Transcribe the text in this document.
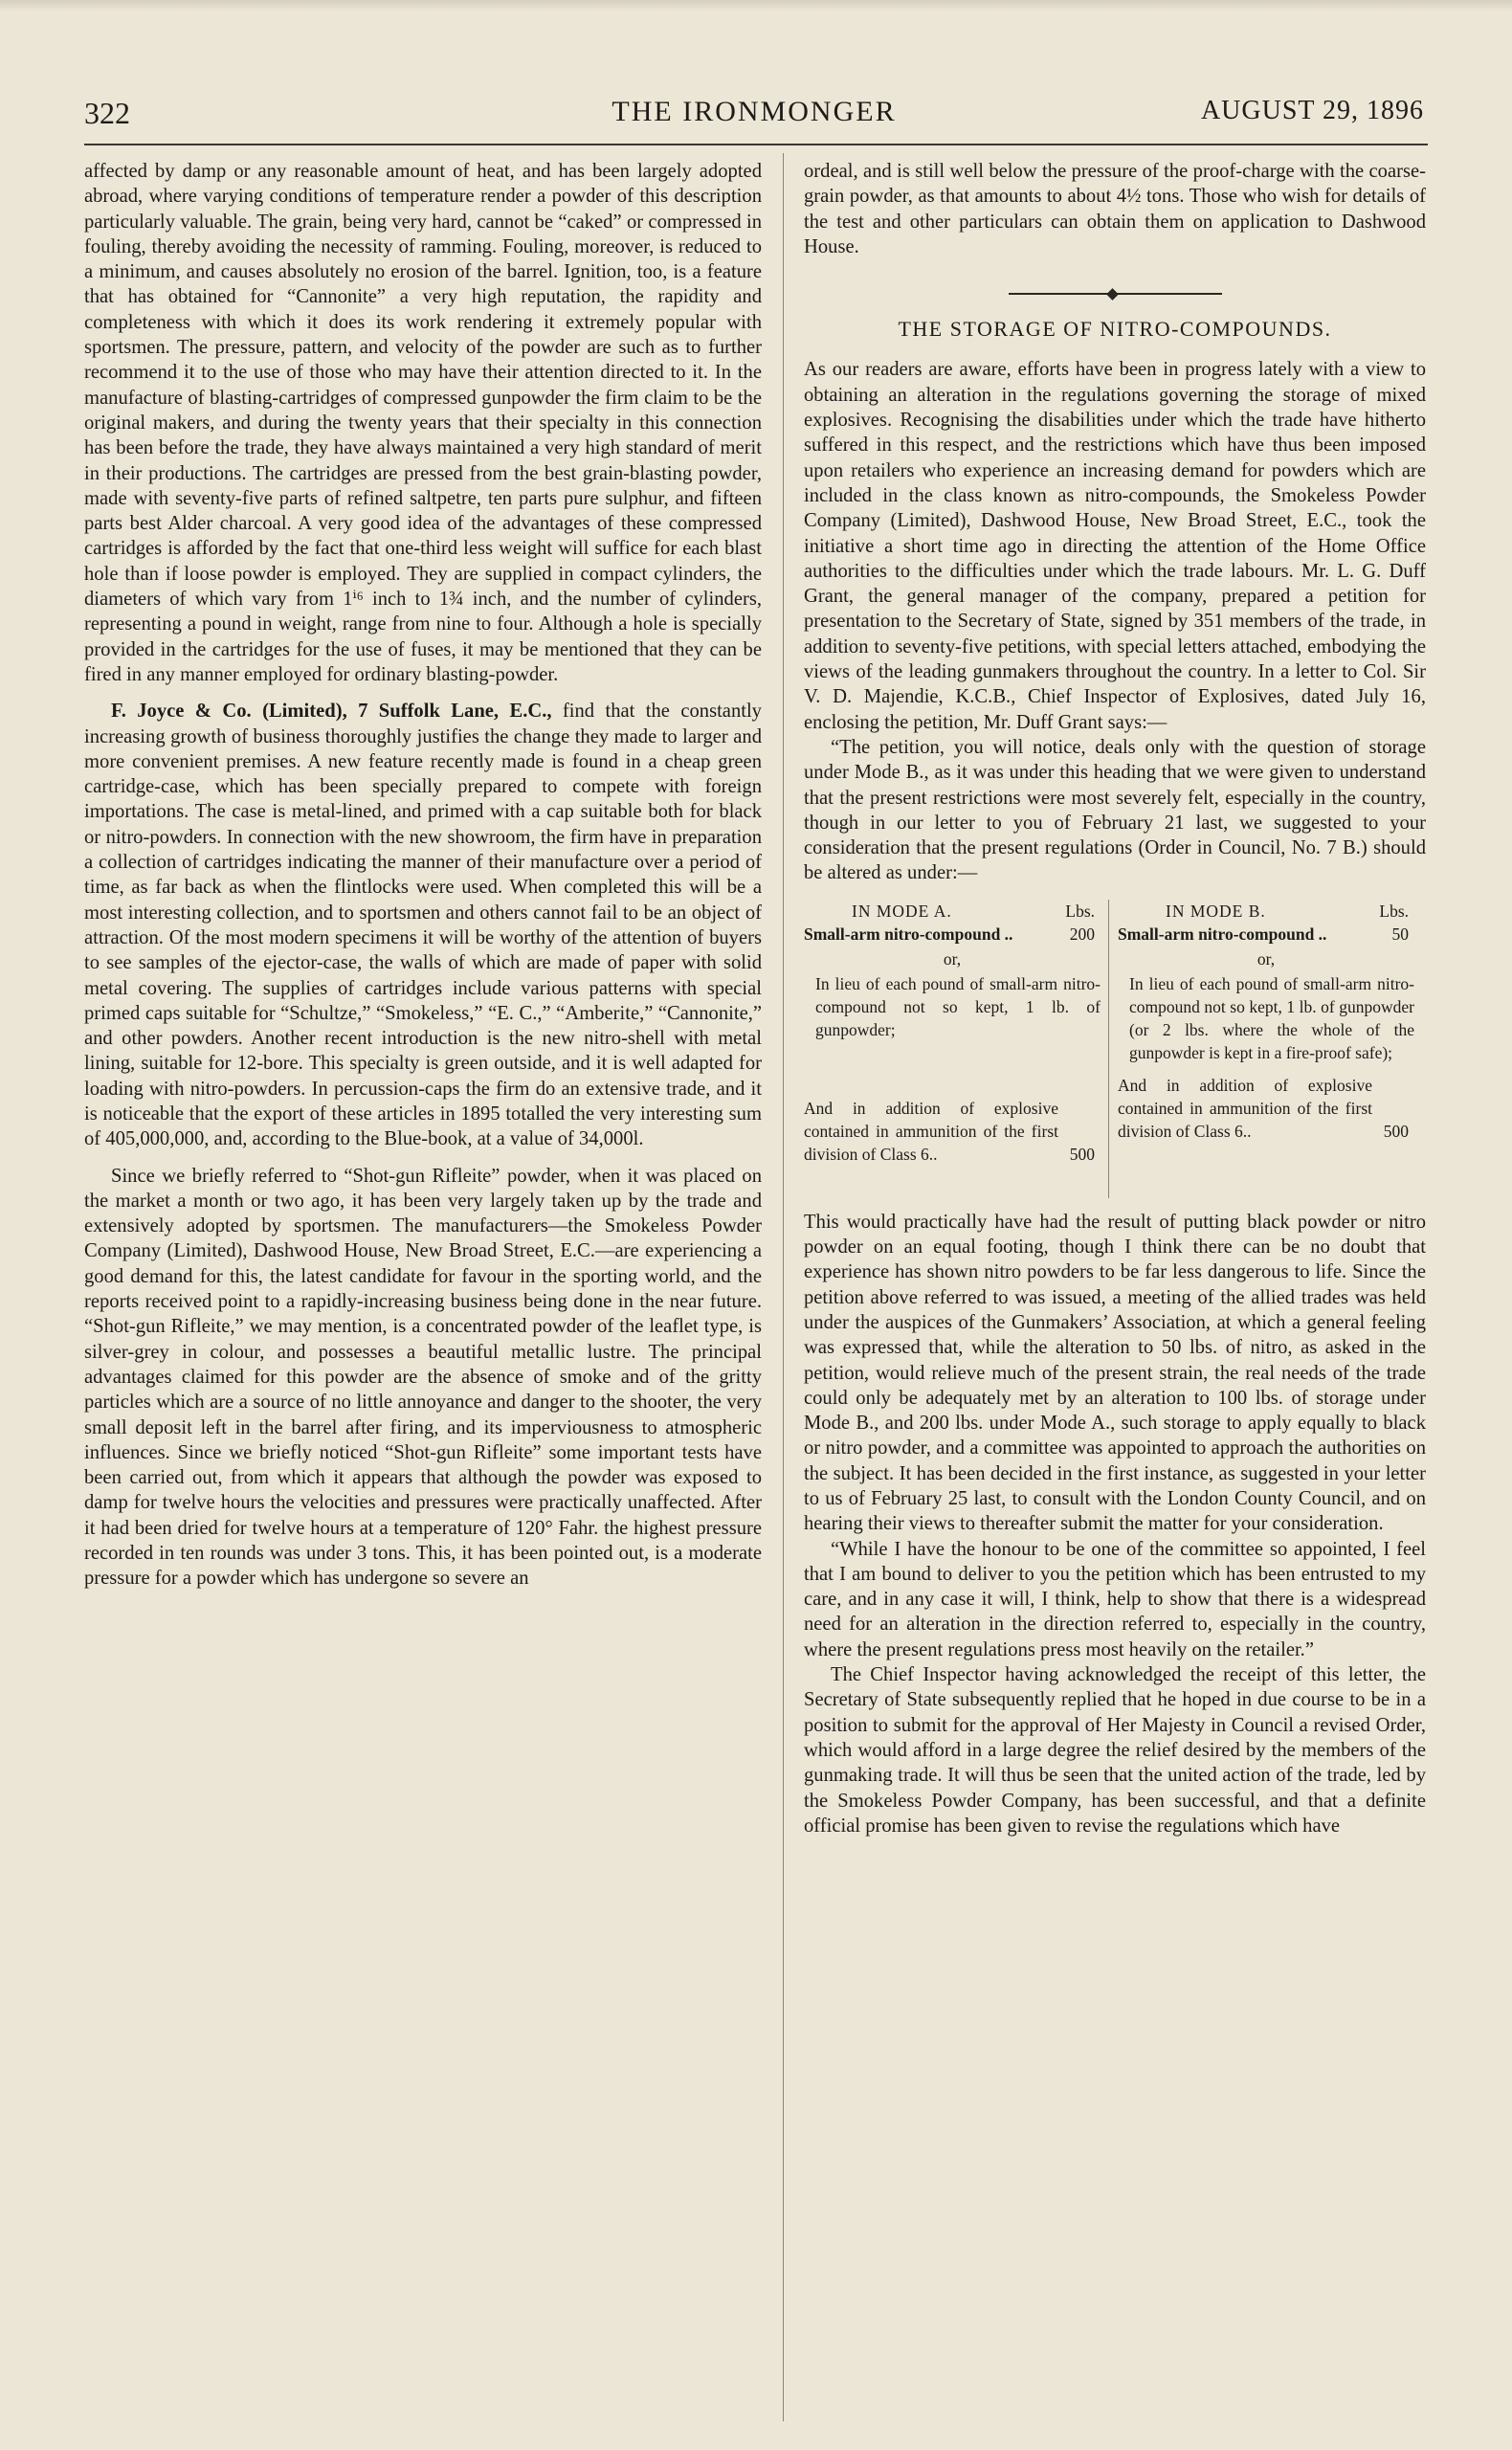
322	THE IRONMONGER	AUGUST 29, 1896

affected by damp or any reasonable amount of heat, and has been largely adopted abroad, where varying conditions of temperature render a powder of this description particularly valuable. The grain, being very hard, cannot be “caked” or compressed in fouling, thereby avoiding the necessity of ramming. Fouling, moreover, is reduced to a minimum, and causes absolutely no erosion of the barrel. Ignition, too, is a feature that has obtained for “Cannonite” a very high reputation, the rapidity and completeness with which it does its work rendering it extremely popular with sportsmen. The pressure, pattern, and velocity of the powder are such as to further recommend it to the use of those who may have their attention directed to it. In the manufacture of blasting-cartridges of compressed gunpowder the firm claim to be the original makers, and during the twenty years that their specialty in this connection has been before the trade, they have always maintained a very high standard of merit in their productions. The cartridges are pressed from the best grain-blasting powder, made with seventy-five parts of refined saltpetre, ten parts pure sulphur, and fifteen parts best Alder charcoal. A very good idea of the advantages of these compressed cartridges is afforded by the fact that one-third less weight will suffice for each blast hole than if loose powder is employed. They are supplied in compact cylinders, the diameters of which vary from 1ⁱ⁶ inch to 1¾ inch, and the number of cylinders, representing a pound in weight, range from nine to four. Although a hole is specially provided in the cartridges for the use of fuses, it may be mentioned that they can be fired in any manner employed for ordinary blasting-powder.

F. Joyce & Co. (Limited), 7 Suffolk Lane, E.C., find that the constantly increasing growth of business thoroughly justifies the change they made to larger and more convenient premises. A new feature recently made is found in a cheap green cartridge-case, which has been specially prepared to compete with foreign importations. The case is metal-lined, and primed with a cap suitable both for black or nitro-powders. In connection with the new showroom, the firm have in preparation a collection of cartridges indicating the manner of their manufacture over a period of time, as far back as when the flintlocks were used. When completed this will be a most interesting collection, and to sportsmen and others cannot fail to be an object of attraction. Of the most modern specimens it will be worthy of the attention of buyers to see samples of the ejector-case, the walls of which are made of paper with solid metal covering. The supplies of cartridges include various patterns with special primed caps suitable for “Schultze,” “Smokeless,” “E. C.,” “Amberite,” “Cannonite,” and other powders. Another recent introduction is the new nitro-shell with metal lining, suitable for 12-bore. This specialty is green outside, and it is well adapted for loading with nitro-powders. In percussion-caps the firm do an extensive trade, and it is noticeable that the export of these articles in 1895 totalled the very interesting sum of 405,000,000, and, according to the Blue-book, at a value of 34,000l.

Since we briefly referred to “Shot-gun Rifleite” powder, when it was placed on the market a month or two ago, it has been very largely taken up by the trade and extensively adopted by sportsmen. The manufacturers—the Smokeless Powder Company (Limited), Dashwood House, New Broad Street, E.C.—are experiencing a good demand for this, the latest candidate for favour in the sporting world, and the reports received point to a rapidly-increasing business being done in the near future. “Shot-gun Rifleite,” we may mention, is a concentrated powder of the leaflet type, is silver-grey in colour, and possesses a beautiful metallic lustre. The principal advantages claimed for this powder are the absence of smoke and of the gritty particles which are a source of no little annoyance and danger to the shooter, the very small deposit left in the barrel after firing, and its imperviousness to atmospheric influences. Since we briefly noticed “Shot-gun Rifleite” some important tests have been carried out, from which it appears that although the powder was exposed to damp for twelve hours the velocities and pressures were practically unaffected. After it had been dried for twelve hours at a temperature of 120° Fahr. the highest pressure recorded in ten rounds was under 3 tons. This, it has been pointed out, is a moderate pressure for a powder which has undergone so severe an

ordeal, and is still well below the pressure of the proof-charge with the coarse-grain powder, as that amounts to about 4½ tons. Those who wish for details of the test and other particulars can obtain them on application to Dashwood House.

THE STORAGE OF NITRO-COMPOUNDS.

As our readers are aware, efforts have been in progress lately with a view to obtaining an alteration in the regulations governing the storage of mixed explosives. Recognising the disabilities under which the trade have hitherto suffered in this respect, and the restrictions which have thus been imposed upon retailers who experience an increasing demand for powders which are included in the class known as nitro-compounds, the Smokeless Powder Company (Limited), Dashwood House, New Broad Street, E.C., took the initiative a short time ago in directing the attention of the Home Office authorities to the difficulties under which the trade labours. Mr. L. G. Duff Grant, the general manager of the company, prepared a petition for presentation to the Secretary of State, signed by 351 members of the trade, in addition to seventy-five petitions, with special letters attached, embodying the views of the leading gunmakers throughout the country. In a letter to Col. Sir V. D. Majendie, K.C.B., Chief Inspector of Explosives, dated July 16, enclosing the petition, Mr. Duff Grant says:—

“The petition, you will notice, deals only with the question of storage under Mode B., as it was under this heading that we were given to understand that the present restrictions were most severely felt, especially in the country, though in our letter to you of February 21 last, we suggested to your consideration that the present regulations (Order in Council, No. 7 B.) should be altered as under:—

IN MODE A.	Lbs.
Small-arm nitro-compound ..	200
or,
In lieu of each pound of small-arm nitro-compound not so kept, 1 lb. of gunpowder;
And in addition of explosive contained in ammunition of the first division of Class 6..	500
IN MODE B.	Lbs.
Small-arm nitro-compound ..	50
or,
In lieu of each pound of small-arm nitro-compound not so kept, 1 lb. of gunpowder (or 2 lbs. where the whole of the gunpowder is kept in a fire-proof safe);
And in addition of explosive contained in ammunition of the first division of Class 6..	500

This would practically have had the result of putting black powder or nitro powder on an equal footing, though I think there can be no doubt that experience has shown nitro powders to be far less dangerous to life. Since the petition above referred to was issued, a meeting of the allied trades was held under the auspices of the Gunmakers’ Association, at which a general feeling was expressed that, while the alteration to 50 lbs. of nitro, as asked in the petition, would relieve much of the present strain, the real needs of the trade could only be adequately met by an alteration to 100 lbs. of storage under Mode B., and 200 lbs. under Mode A., such storage to apply equally to black or nitro powder, and a committee was appointed to approach the authorities on the subject. It has been decided in the first instance, as suggested in your letter to us of February 25 last, to consult with the London County Council, and on hearing their views to thereafter submit the matter for your consideration.

“While I have the honour to be one of the committee so appointed, I feel that I am bound to deliver to you the petition which has been entrusted to my care, and in any case it will, I think, help to show that there is a widespread need for an alteration in the direction referred to, especially in the country, where the present regulations press most heavily on the retailer.”

The Chief Inspector having acknowledged the receipt of this letter, the Secretary of State subsequently replied that he hoped in due course to be in a position to submit for the approval of Her Majesty in Council a revised Order, which would afford in a large degree the relief desired by the members of the gunmaking trade. It will thus be seen that the united action of the trade, led by the Smokeless Powder Company, has been successful, and that a definite official promise has been given to revise the regulations which have
